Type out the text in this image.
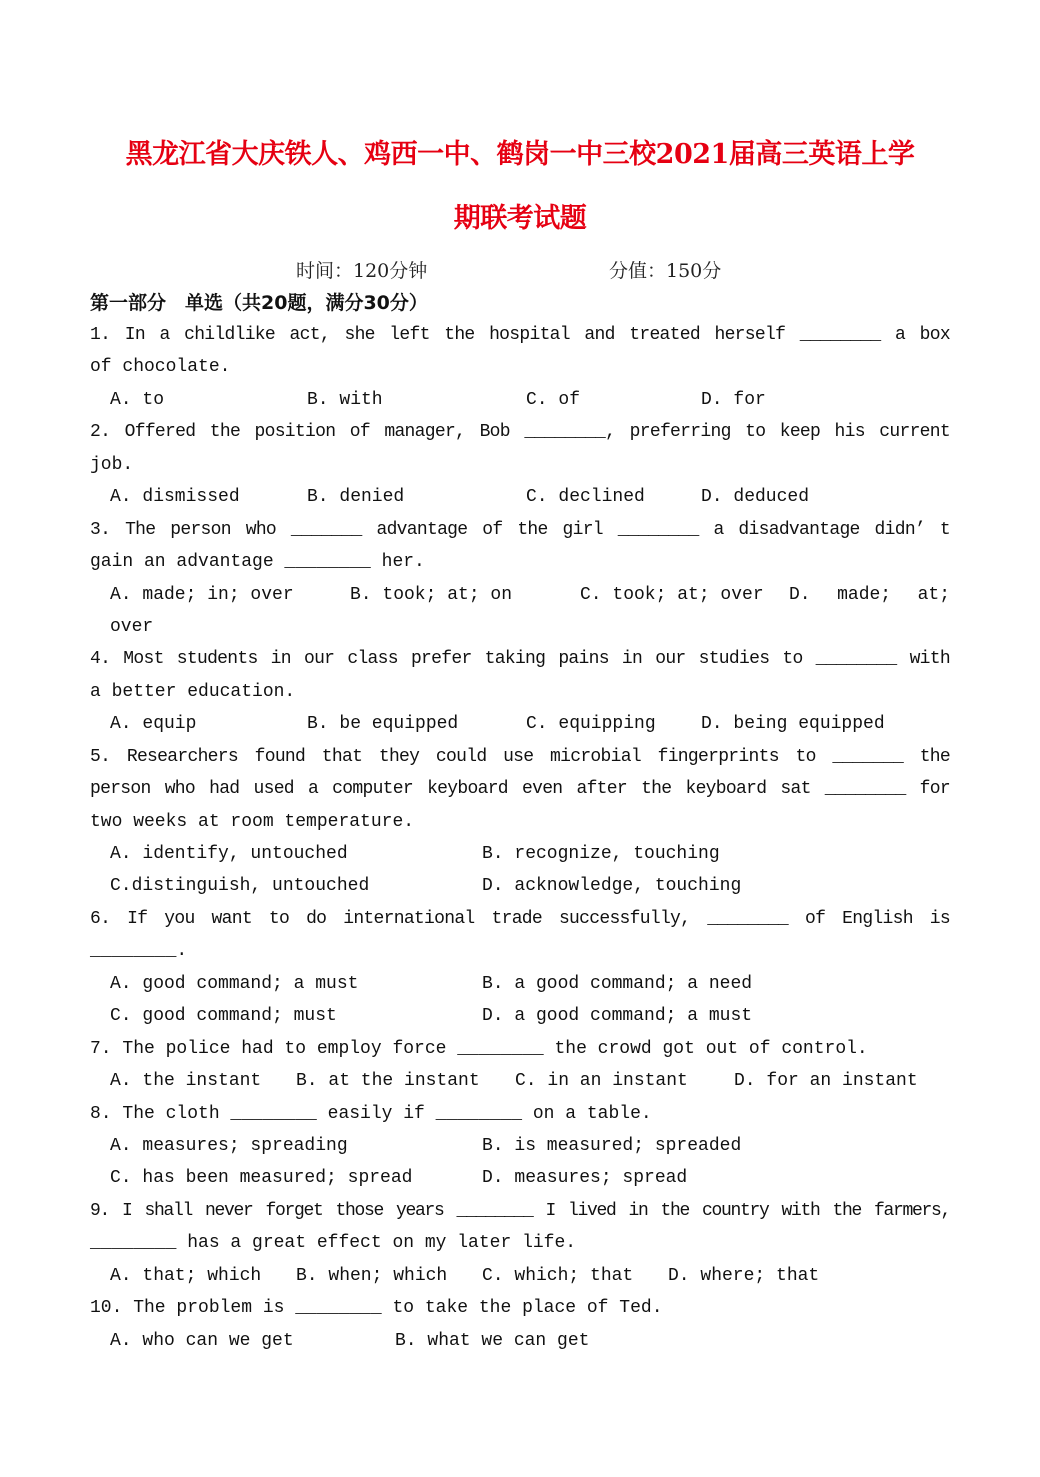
黑龙江省大庆铁人、鸡西一中、鹤岗一中三校2021届高三英语上学
期联考试题
时间：120分钟	分值：150分
第一部分　单选（共20题，满分30分）
1. In a childlike act, she left the hospital and treated herself ________ a box
of chocolate.

A. to

	B. with

	C. of

	D. for

2. Offered the position of manager, Bob ________, preferring to keep his current
job.

A. dismissed

	B. denied

	C. declined

	D. deduced

3. The person who _______ advantage of the girl ________ a disadvantage didn’ t
gain an advantage ________ her.

A. made; in; over

	B. took; at; on

	C. took; at; over

D. made; at;

over

4. Most students in our class prefer taking pains in our studies to ________ with
a better education.

A. equip

	B. be equipped

	C. equipping

	D. being equipped

5. Researchers found that they could use microbial fingerprints to _______ the
person who had used a computer keyboard even after the keyboard sat ________ for
two weeks at room temperature.

A. identify, untouched

	B. recognize, touching

C.distinguish, untouched

	D. acknowledge, touching

6. If you want to do international trade successfully, ________ of English is
________.

A. good command; a must

	B. a good command; a need

C. good command; must

	D. a good command; a must

7. The police had to employ force ________ the crowd got out of control.

A. the instant

B. at the instant

C. in an instant

	D. for an instant

8. The cloth ________ easily if ________ on a table.

A. measures; spreading

	B. is measured; spreaded

C. has been measured; spread

	D. measures; spread

9. I shall never forget those years ________ I lived in the country with the farmers,
________ has a great effect on my later life.

A. that; which

B. when; which

C. which; that

D. where; that

10. The problem is ________ to take the place of Ted.

A. who can we get

	B. what we can get
